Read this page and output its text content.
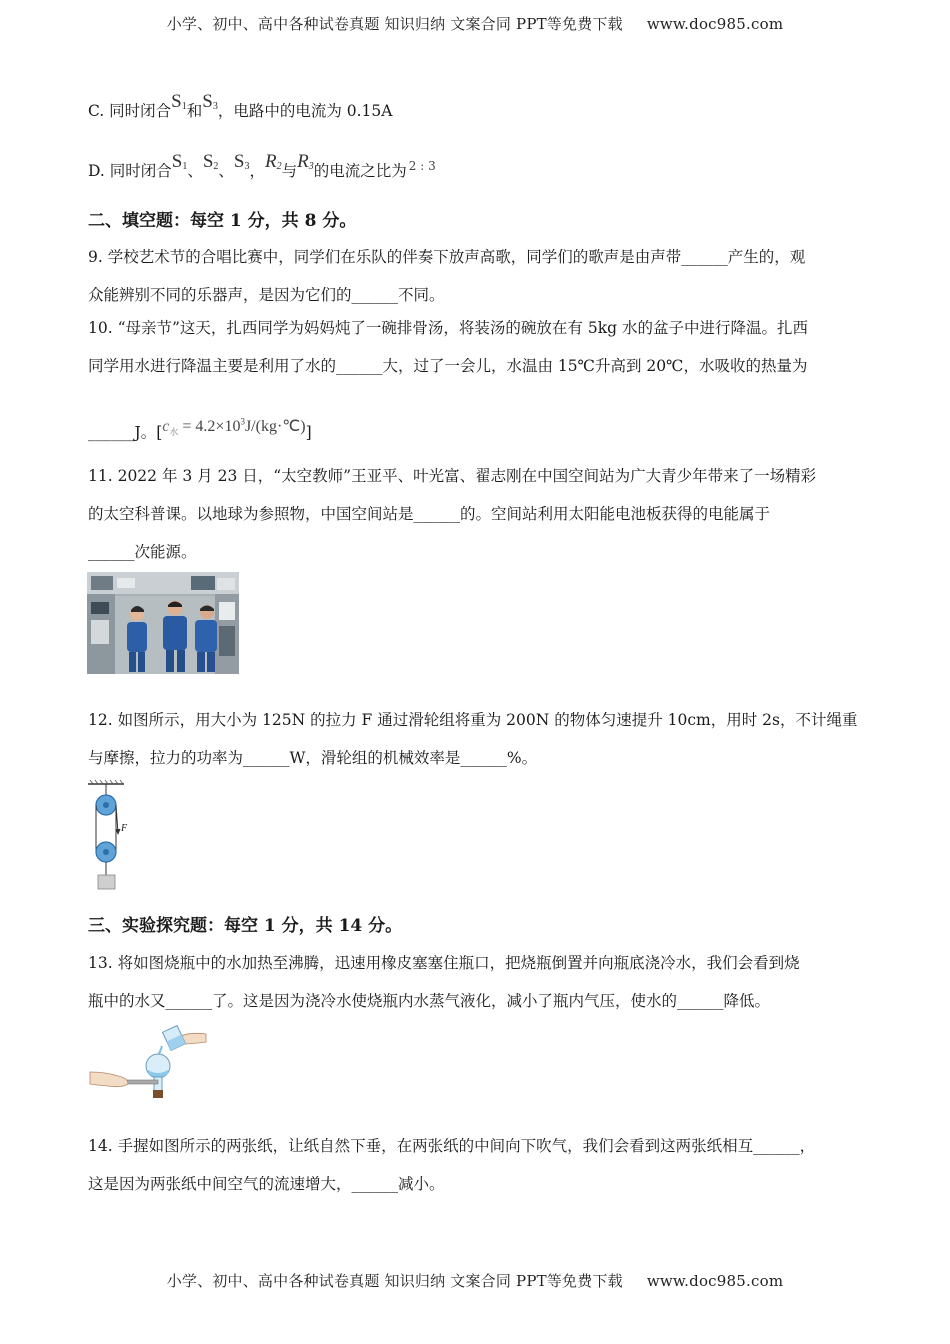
小学、初中、高中各种试卷真题 知识归纳 文案合同 PPT等免费下载 www.doc985.com
C. 同时闭合$S_1$和$S_3$，电路中的电流为 0.15A
D. 同时闭合$S_1$、$S_2$、$S_3$，$R_2$与$R_3$的电流之比为 $^{2 : 3}$
二、填空题：每空 1 分，共 8 分。
9. 学校艺术节的合唱比赛中，同学们在乐队的伴奏下放声高歌，同学们的歌声是由声带______产生的，观
众能辨别不同的乐器声，是因为它们的______不同。
10. “母亲节”这天，扎西同学为妈妈炖了一碗排骨汤，将装汤的碗放在有 5kg 水的盆子中进行降温。扎西
同学用水进行降温主要是利用了水的______大，过了一会儿，水温由 15℃升高到 20℃，水吸收的热量为
______J。[$c_水$ = $4.2\times 10^3J/(kg\cdot℃)$]
11. 2022 年 3 月 23 日，“太空教师”王亚平、叶光富、翟志刚在中国空间站为广大青少年带来了一场精彩
的太空科普课。以地球为参照物，中国空间站是______的。空间站利用太阳能电池板获得的电能属于
______次能源。
12. 如图所示，用大小为 125N 的拉力 F 通过滑轮组将重为 200N 的物体匀速提升 10cm，用时 2s，不计绳重
与摩擦，拉力的功率为______W，滑轮组的机械效率是______%。
F
三、实验探究题：每空 1 分，共 14 分。
13. 将如图烧瓶中的水加热至沸腾，迅速用橡皮塞塞住瓶口，把烧瓶倒置并向瓶底浇冷水，我们会看到烧
瓶中的水又______了。这是因为浇冷水使烧瓶内水蒸气液化，减小了瓶内气压，使水的______降低。
14. 手握如图所示的两张纸，让纸自然下垂，在两张纸的中间向下吹气，我们会看到这两张纸相互______，
这是因为两张纸中间空气的流速增大，______减小。
小学、初中、高中各种试卷真题 知识归纳 文案合同 PPT等免费下载 www.doc985.com
